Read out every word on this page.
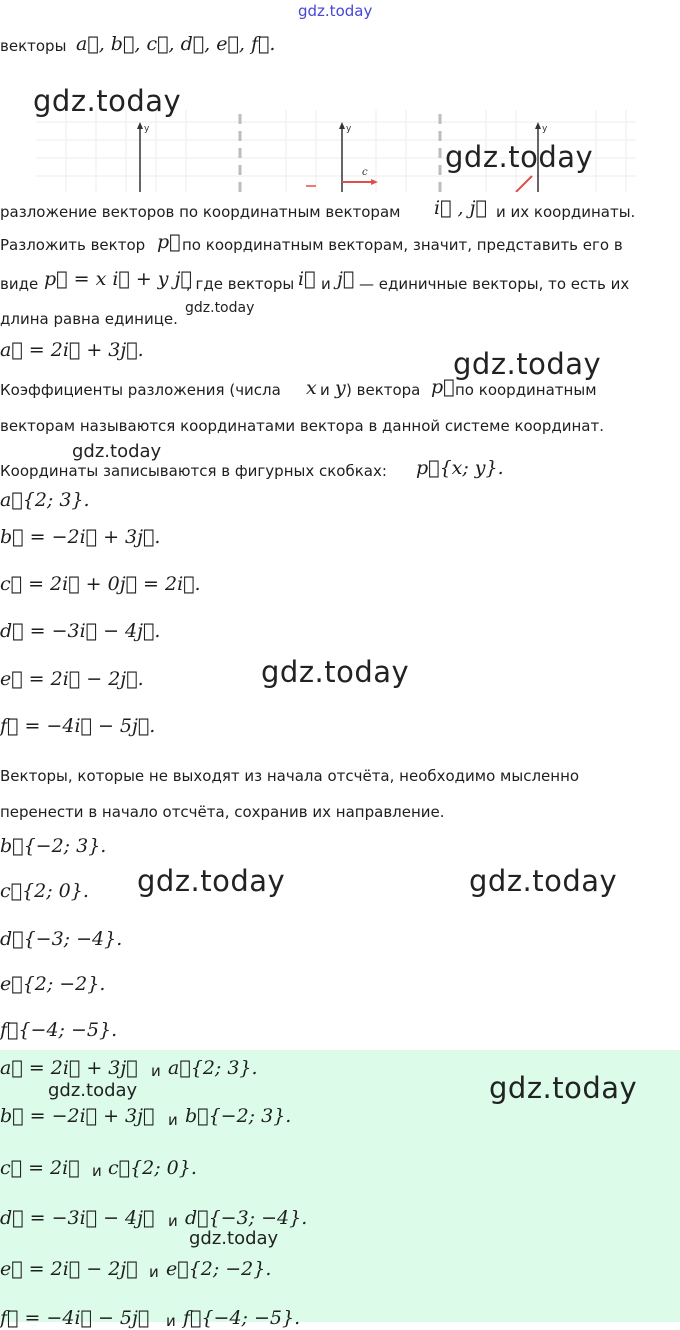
gdz.today
векторы a⃗, b⃗, c⃗, d⃗, e⃗, f⃗.
y	y	y
c
gdz.today
gdz.today
разложение векторов по координатным векторам i⃗ , j⃗ и их координаты.
Разложить вектор p⃗ по координатным векторам, значит, представить его в
виде p⃗ = x i⃗ + y j⃗
, где векторы i⃗ и j⃗ — единичные векторы, то есть их
длина равна единице.
gdz.today
a⃗ = 2i⃗ + 3j⃗.	gdz.today
Коэффициенты разложения (числа x и y ) вектора p⃗ по координатным
векторам называются координатами вектора в данной системе координат.
gdz.today
Координаты записываются в фигурных скобках: p⃗{x; y}.
a⃗{2; 3}.
b⃗ = −2i⃗ + 3j⃗.
c⃗ = 2i⃗ + 0j⃗ = 2i⃗.
d⃗ = −3i⃗ − 4j⃗.
e⃗ = 2i⃗ − 2j⃗.	gdz.today
f⃗ = −4i⃗ − 5j⃗.
Векторы, которые не выходят из начала отсчёта, необходимо мысленно
перенести в начало отсчёта, сохранив их направление.
b⃗{−2; 3}.
c⃗{2; 0}. gdz.today	gdz.today
d⃗{−3; −4}.
e⃗{2; −2}.
f⃗{−4; −5}.
a⃗ = 2i⃗ + 3j⃗ и a⃗{2; 3}.
b⃗ = −2i⃗ + 3j⃗ и b⃗{−2; 3}.
c⃗ = 2i⃗ и c⃗{2; 0}.
d⃗ = −3i⃗ − 4j⃗ и d⃗{−3; −4}.
e⃗ = 2i⃗ − 2j⃗ и e⃗{2; −2}.
f⃗ = −4i⃗ − 5j⃗ и f⃗{−4; −5}.
gdz.today	gdz.today
gdz.today
